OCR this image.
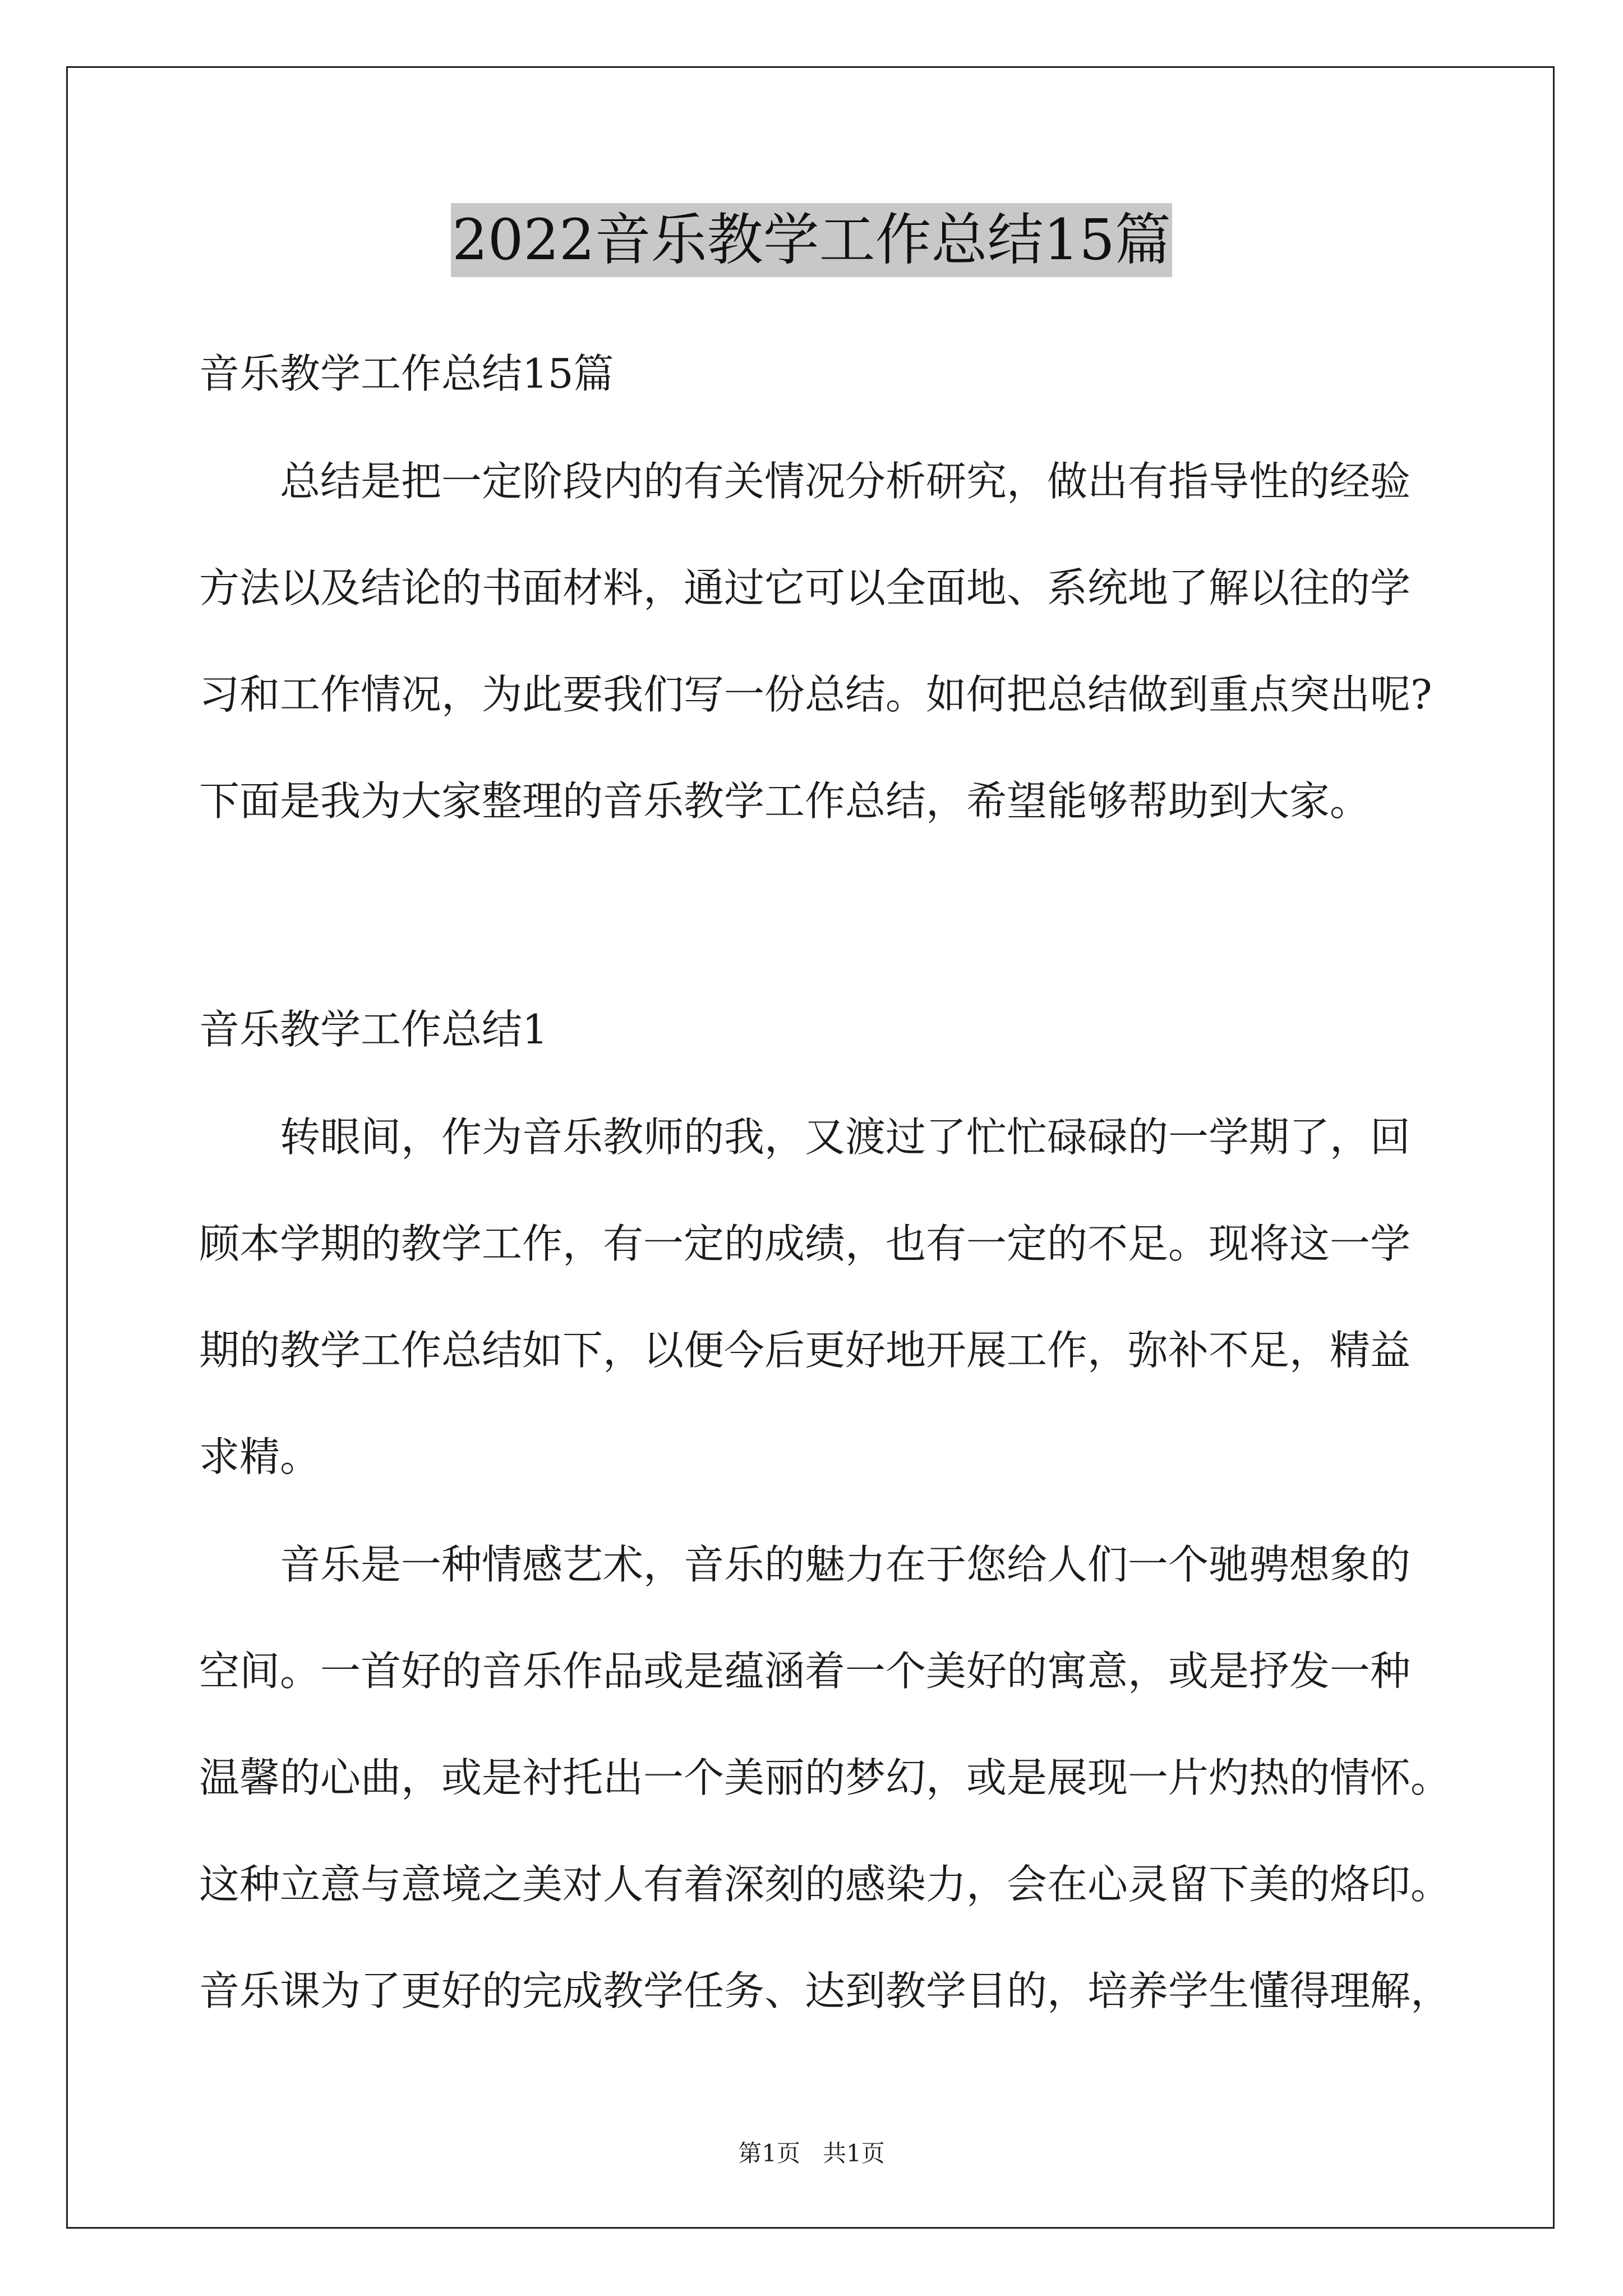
2022音乐教学工作总结15篇

音乐教学工作总结15篇

总结是把一定阶段内的有关情况分析研究，做出有指导性的经验

方法以及结论的书面材料，通过它可以全面地、系统地了解以往的学

习和工作情况，为此要我们写一份总结。如何把总结做到重点突出呢?

下面是我为大家整理的音乐教学工作总结，希望能够帮助到大家。

音乐教学工作总结1

转眼间，作为音乐教师的我，又渡过了忙忙碌碌的一学期了，回

顾本学期的教学工作，有一定的成绩，也有一定的不足。现将这一学

期的教学工作总结如下，以便今后更好地开展工作，弥补不足，精益

求精。

音乐是一种情感艺术，音乐的魅力在于您给人们一个驰骋想象的

空间。一首好的音乐作品或是蕴涵着一个美好的寓意，或是抒发一种

温馨的心曲，或是衬托出一个美丽的梦幻，或是展现一片灼热的情怀。

这种立意与意境之美对人有着深刻的感染力，会在心灵留下美的烙印。

音乐课为了更好的完成教学任务、达到教学目的，培养学生懂得理解，

第1页   共1页
